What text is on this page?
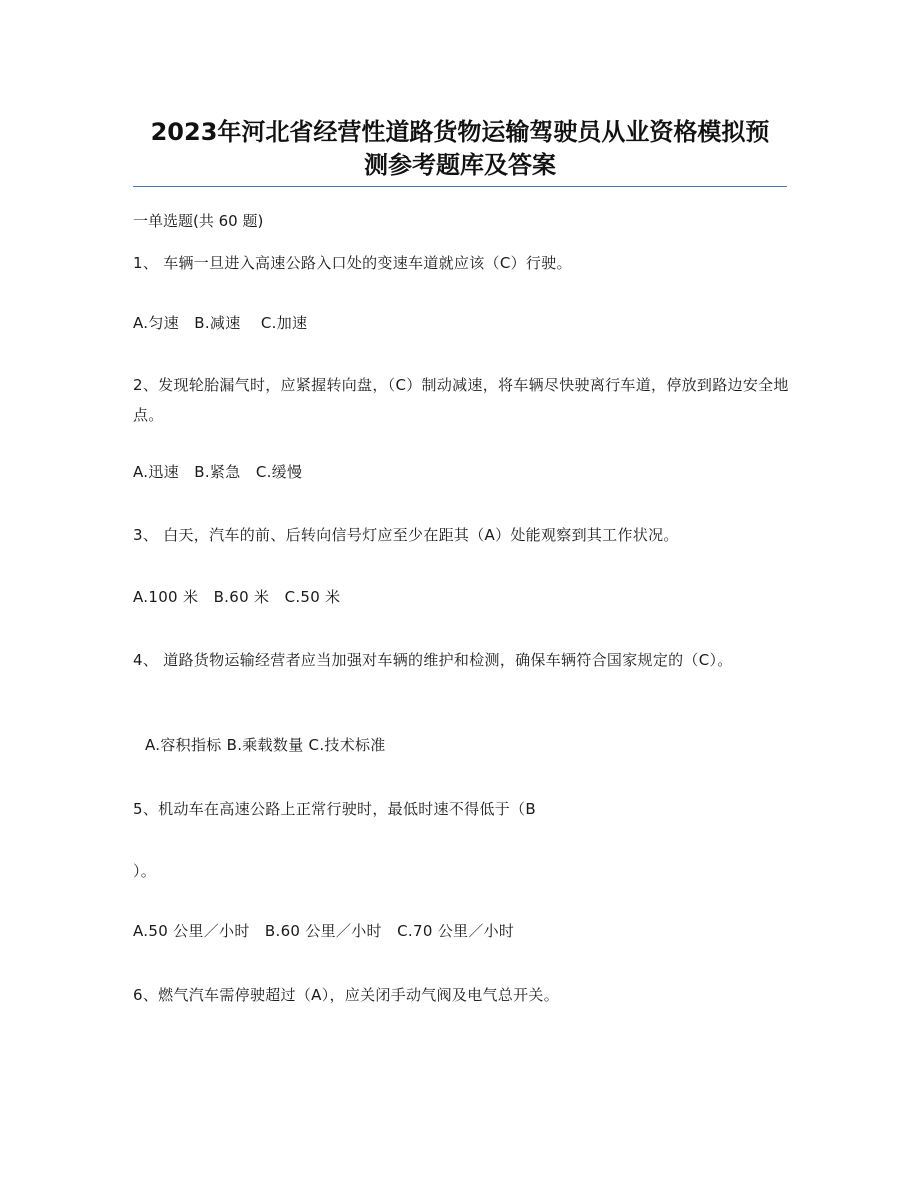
2023年河北省经营性道路货物运输驾驶员从业资格模拟预
测参考题库及答案
一单选题(共 60 题)
1、 车辆一旦进入高速公路入口处的变速车道就应该（C）行驶。
A.匀速　B.减速　 C.加速
2、发现轮胎漏气时，应紧握转向盘，（C）制动减速，将车辆尽快驶离行车道，停放到路边安全地点。
A.迅速　B.紧急　C.缓慢
3、 白天，汽车的前、后转向信号灯应至少在距其（A）处能观察到其工作状况。
A.100 米　B.60 米　C.50 米
4、 道路货物运输经营者应当加强对车辆的维护和检测，确保车辆符合国家规定的（C）。
A.容积指标 B.乘载数量 C.技术标准
5、机动车在高速公路上正常行驶时，最低时速不得低于（B
）。
A.50 公里／小时　B.60 公里／小时　C.70 公里／小时
6、燃气汽车需停驶超过（A），应关闭手动气阀及电气总开关。
